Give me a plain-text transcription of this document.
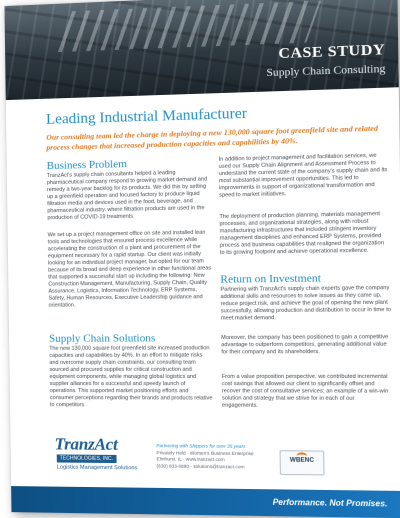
CASE STUDY
Supply Chain Consulting
Leading Industrial Manufacturer
Our consulting team led the charge in deploying a new 130,000 square foot greenfield site and related process changes that increased production capacities and capabilities by 40%.
Business Problem

TranzAct's supply chain consultants helped a leading pharmaceutical company respond to growing market demand and remedy a two-year backlog for its products. We did this by setting up a greenfield operation and focused factory to produce liquid filtration media and devices used in the food, beverage, and pharmaceutical industry, where filtration products are used in the production of COVID-19 treatments.

We set up a project management office on site and installed lean tools and technologies that ensured process excellence while accelerating the construction of a plant and procurement of the equipment necessary for a rapid startup. Our client was initially looking for an individual project manager, but opted for our team because of its broad and deep experience in other functional areas that supported a successful start up including the following: New Construction Management, Manufacturing, Supply Chain, Quality Assurance, Logistics, Information Technology, ERP Systems, Safety, Human Resources, Executive Leadership guidance and orientation.

Supply Chain Solutions

The new 130,000 square foot greenfield site increased production capacities and capabilities by 40%. In an effort to mitigate risks and overcome supply chain constraints, our consulting team sourced and procured supplies for critical construction and equipment components, while managing global logistics and supplier alliances for a successful and speedy launch of operations. This supported market positioning efforts and consumer perceptions regarding their brands and products relative to competitors.

In addition to project management and facilitation services, we used our Supply Chain Alignment and Assessment Process to understand the current state of the company's supply chain and its most substantial improvement opportunities. This led to improvements in support of organizational transformation and speed to market initiatives.

The deployment of production planning, materials management processes, and organizational strategies, along with robust manufacturing infrastructures that included stringent inventory management disciplines and enhanced ERP Systems, provided process and business capabilities that realigned the organization to its growing footprint and achieve operational excellence.

Return on Investment

Partnering with TranzAct's supply chain experts gave the company additional skills and resources to solve issues as they came up, reduce project risk, and achieve the goal of opening the new plant successfully, allowing production and distribution to occur in time to meet market demand.

Moreover, the company has been positioned to gain a competitive advantage to outperform competitors, generating additional value for their company and its shareholders.

From a value proposition perspective, we contributed incremental cost savings that allowed our client to significantly offset and recover the cost of consultative services; an example of a win-win solution and strategy that we strive for in each of our engagements.

TranzAct
TECHNOLOGIES, INC.
Logistics Management Solutions
Partnering with Shippers for over 35 years
Privately Held · Women's Business Enterprise
Elmhurst, IL · www.tranzact.com
(630) 833-0890 · solutions@tranzact.com
WBENC
Performance. Not Promises.
